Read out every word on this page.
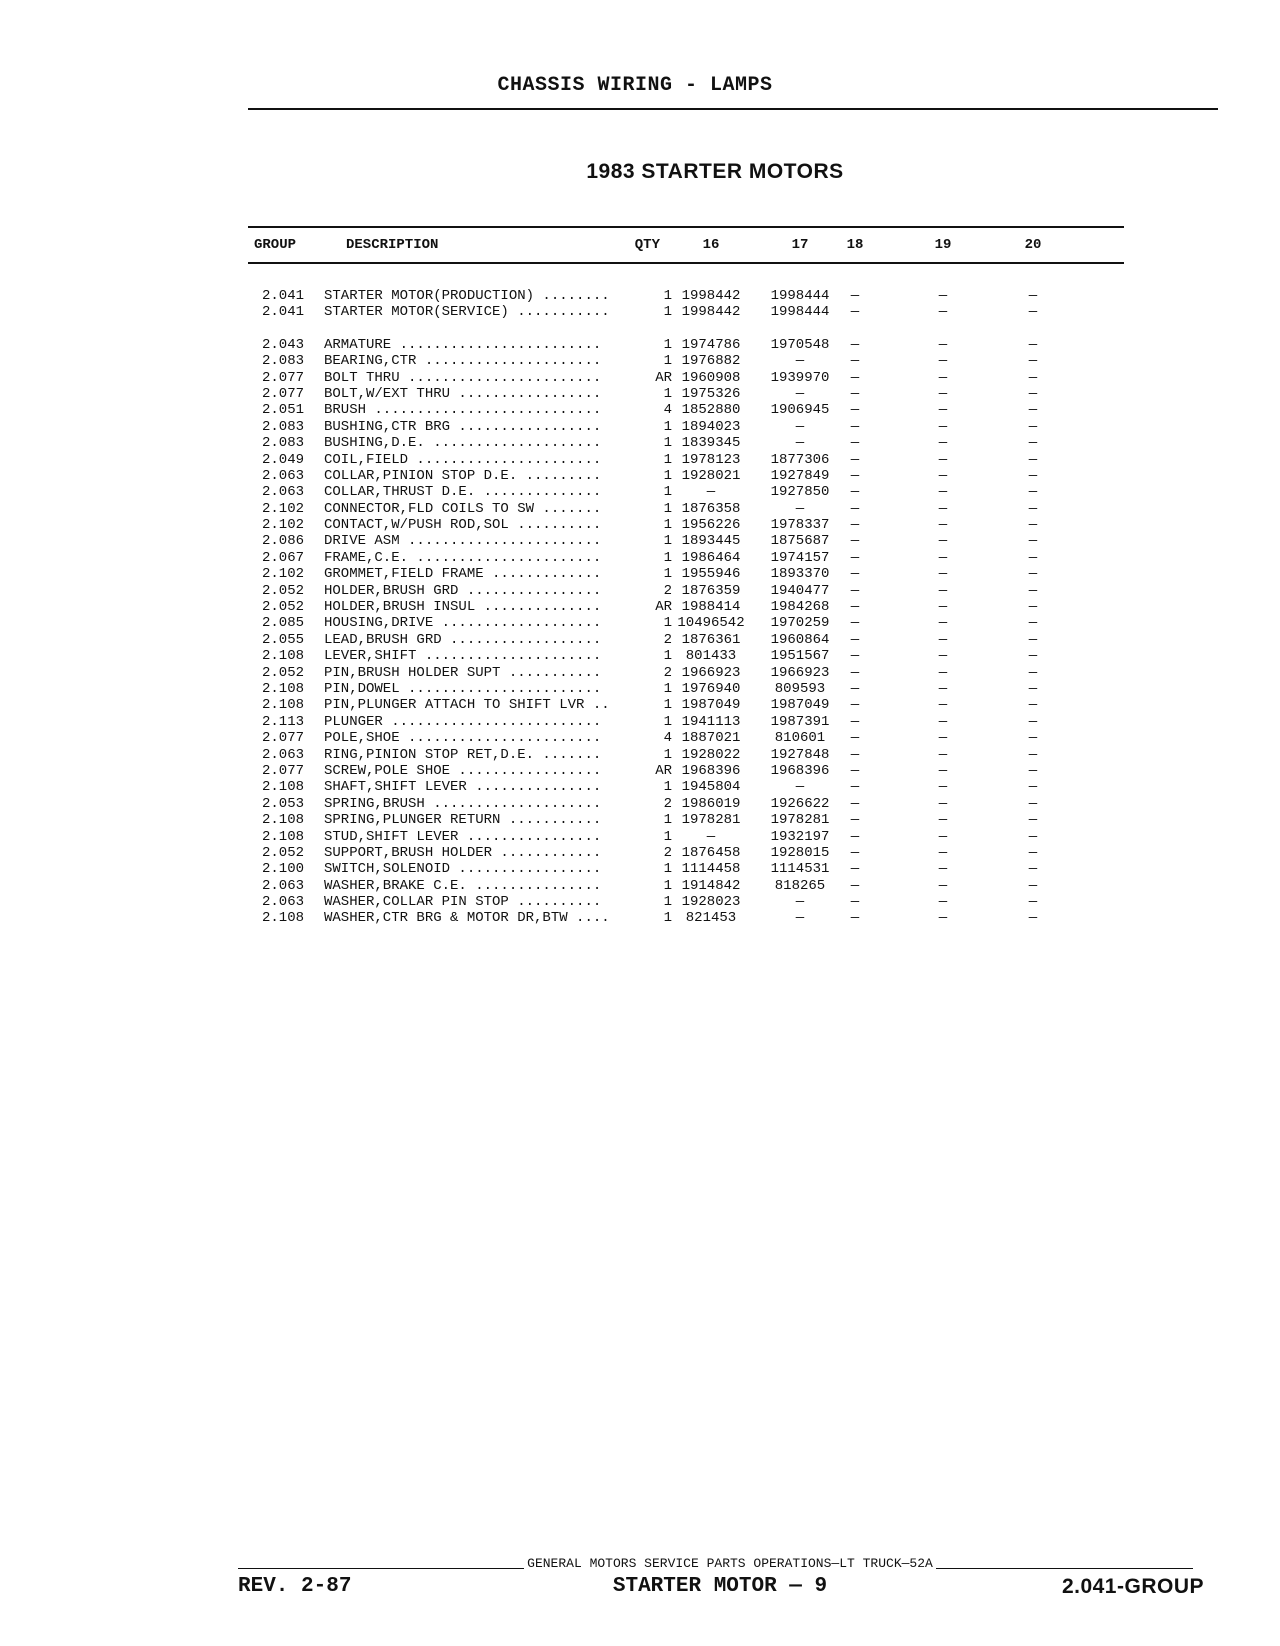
CHASSIS WIRING - LAMPS
1983 STARTER MOTORS
GROUP	DESCRIPTION	QTY	16	17	18	19	20
2.041 STARTER MOTOR(PRODUCTION) ........	1 1998442	1998444	—	—	—
2.041 STARTER MOTOR(SERVICE) ...........	1 1998442	1998444	—	—	—
2.043 ARMATURE ........................	1 1974786	1970548	—	—	—
2.083 BEARING,CTR .....................	1 1976882	—	—	—	—
2.077 BOLT THRU .......................	AR 1960908	1939970	—	—	—
2.077 BOLT,W/EXT THRU .................	1 1975326	—	—	—	—
2.051 BRUSH ...........................	4 1852880	1906945	—	—	—
2.083 BUSHING,CTR BRG .................	1 1894023	—	—	—	—
2.083 BUSHING,D.E. ....................	1 1839345	—	—	—	—
2.049 COIL,FIELD ......................	1 1978123	1877306	—	—	—
2.063 COLLAR,PINION STOP D.E. .........	1 1928021	1927849	—	—	—
2.063 COLLAR,THRUST D.E. ..............	1	—	1927850	—	—	—
2.102 CONNECTOR,FLD COILS TO SW .......	1 1876358	—	—	—	—
2.102 CONTACT,W/PUSH ROD,SOL ..........	1 1956226	1978337	—	—	—
2.086 DRIVE ASM .......................	1 1893445	1875687	—	—	—
2.067 FRAME,C.E. ......................	1 1986464	1974157	—	—	—
2.102 GROMMET,FIELD FRAME .............	1 1955946	1893370	—	—	—
2.052 HOLDER,BRUSH GRD ................	2 1876359	1940477	—	—	—
2.052 HOLDER,BRUSH INSUL ..............	AR 1988414	1984268	—	—	—
2.085 HOUSING,DRIVE ...................	1 10496542	1970259	—	—	—
2.055 LEAD,BRUSH GRD ..................	2 1876361	1960864	—	—	—
2.108 LEVER,SHIFT .....................	1 801433	1951567	—	—	—
2.052 PIN,BRUSH HOLDER SUPT ...........	2 1966923	1966923	—	—	—
2.108 PIN,DOWEL .......................	1 1976940	809593	—	—	—
2.108 PIN,PLUNGER ATTACH TO SHIFT LVR ..	1 1987049	1987049	—	—	—
2.113 PLUNGER .........................	1 1941113	1987391	—	—	—
2.077 POLE,SHOE .......................	4 1887021	810601	—	—	—
2.063 RING,PINION STOP RET,D.E. .......	1 1928022	1927848	—	—	—
2.077 SCREW,POLE SHOE .................	AR 1968396	1968396	—	—	—
2.108 SHAFT,SHIFT LEVER ...............	1 1945804	—	—	—	—
2.053 SPRING,BRUSH ....................	2 1986019	1926622	—	—	—
2.108 SPRING,PLUNGER RETURN ...........	1 1978281	1978281	—	—	—
2.108 STUD,SHIFT LEVER ................	1	—	1932197	—	—	—
2.052 SUPPORT,BRUSH HOLDER ............	2 1876458	1928015	—	—	—
2.100 SWITCH,SOLENOID .................	1 1114458	1114531	—	—	—
2.063 WASHER,BRAKE C.E. ...............	1 1914842	818265	—	—	—
2.063 WASHER,COLLAR PIN STOP ..........	1 1928023	—	—	—	—
2.108 WASHER,CTR BRG & MOTOR DR,BTW ....	1 821453	—	—	—	—
GENERAL MOTORS SERVICE PARTS OPERATIONS—LT TRUCK—52A
REV. 2-87	STARTER MOTOR — 9	2.041-GROUP
